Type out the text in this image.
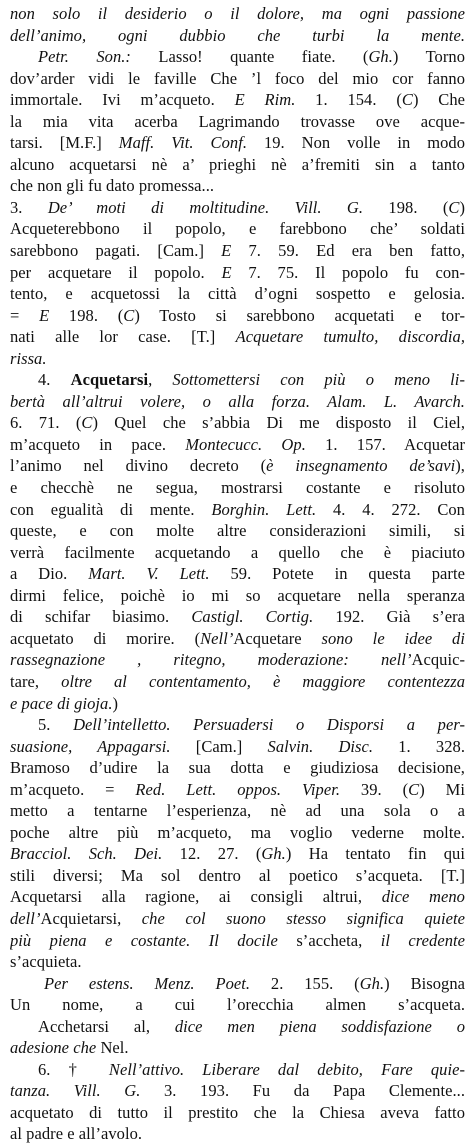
non solo il desiderio o il dolore, ma ogni passione
dell’animo, ogni dubbio che turbi la mente.
Petr. Son.: Lasso! quante fiate. (Gh.) Torno
dov’arder vidi le faville Che ’l foco del mio cor fanno
immortale. Ivi m’acqueto. E Rim. 1. 154. (C) Che
la mia vita acerba Lagrimando trovasse ove acque-
tarsi. [M.F.] Maff. Vit. Conf. 19. Non volle in modo
alcuno acquetarsi nè a’ prieghi nè a’fremiti sin a tanto
che non gli fu dato promessa...
3. De’ moti di moltitudine. Vill. G. 198. (C)
Acqueterebbono il popolo, e farebbono che’ soldati
sarebbono pagati. [Cam.] E 7. 59. Ed era ben fatto,
per acquetare il popolo. E 7. 75. Il popolo fu con-
tento, e acquetossi la città d’ogni sospetto e gelosia.
= E 198. (C) Tosto si sarebbono acquetati e tor-
nati alle lor case. [T.] Acquetare tumulto, discordia,
rissa.
4. Acquetarsi, Sottomettersi con più o meno li-
bertà all’altrui volere, o alla forza. Alam. L. Avarch.
6. 71. (C) Quel che s’abbia Di me disposto il Ciel,
m’acqueto in pace. Montecucc. Op. 1. 157. Acquetar
l’animo nel divino decreto (è insegnamento de’savi),
e checchè ne segua, mostrarsi costante e risoluto
con egualità di mente. Borghin. Lett. 4. 4. 272. Con
queste, e con molte altre considerazioni simili, si
verrà facilmente acquetando a quello che è piaciuto
a Dio. Mart. V. Lett. 59. Potete in questa parte
dirmi felice, poichè io mi so acquetare nella speranza
di schifar biasimo. Castigl. Cortig. 192. Già s’era
acquetato di morire. (Nell’Acquetare sono le idee di
rassegnazione , ritegno, moderazione: nell’Acquic-
tare, oltre al contentamento, è maggiore contentezza
e pace di gioja.)
5. Dell’intelletto. Persuadersi o Disporsi a per-
suasione, Appagarsi. [Cam.] Salvin. Disc. 1. 328.
Bramoso d’udire la sua dotta e giudiziosa decisione,
m’acqueto. = Red. Lett. oppos. Viper. 39. (C) Mi
metto a tentarne l’esperienza, nè ad una sola o a
poche altre più m’acqueto, ma voglio vederne molte.
Bracciol. Sch. Dei. 12. 27. (Gh.) Ha tentato fin qui
stili diversi; Ma sol dentro al poetico s’acqueta. [T.]
Acquetarsi alla ragione, ai consigli altrui, dice meno
dell’Acquietarsi, che col suono stesso significa quiete
più piena e costante. Il docile s’accheta, il credente
s’acquieta.
Per estens. Menz. Poet. 2. 155. (Gh.) Bisogna
Un nome, a cui l’orecchia almen s’acqueta.
Acchetarsi al, dice men piena soddisfazione o
adesione che Nel.
6. † Nell’attivo. Liberare dal debito, Fare quie-
tanza. Vill. G. 3. 193. Fu da Papa Clemente...
acquetato di tutto il prestito che la Chiesa aveva fatto
al padre e all’avolo.
